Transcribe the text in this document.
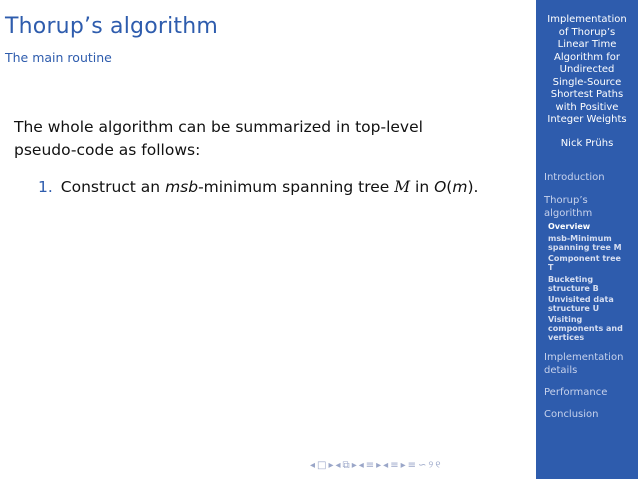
Thorup’s algorithm
The main routine
The whole algorithm can be summarized in top-level
pseudo-code as follows:
1. Construct an msb-minimum spanning tree M in O(m).
◂ □ ▸ ◂ ⧉ ▸ ◂ ≡ ▸ ◂ ≡ ▸ ≡ ∽ ୨ ୧
Implementation
of Thorup’s
Linear Time
Algorithm for
Undirected
Single-Source
Shortest Paths
with Positive
Integer Weights
Nick Prühs
Introduction
Thorup’s
algorithm
Overview
msb-Minimum
spanning tree M
Component tree
T
Bucketing
structure B
Unvisited data
structure U
Visiting
components and
vertices
Implementation
details
Performance
Conclusion
